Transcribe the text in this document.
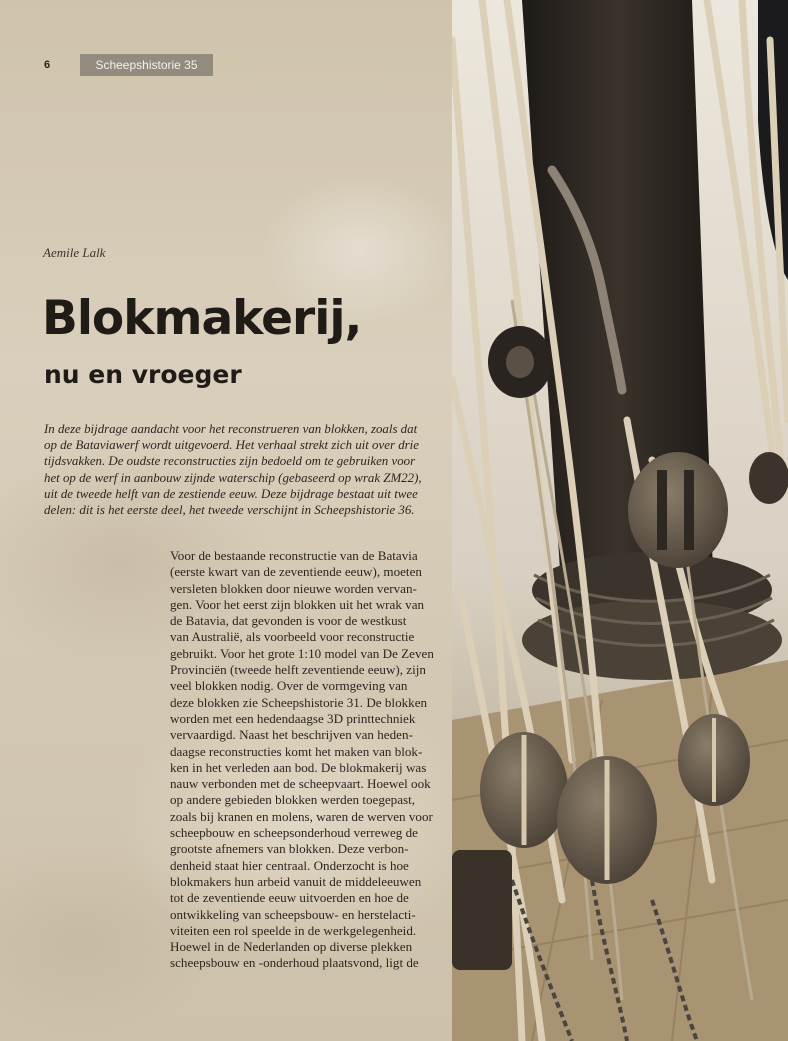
6	Scheepshistorie 35
Aemile Lalk
Blokmakerij,
nu en vroeger

In deze bijdrage aandacht voor het reconstrueren van blokken, zoals dat
op de Bataviawerf wordt uitgevoerd. Het verhaal strekt zich uit over drie
tijdsvakken. De oudste reconstructies zijn bedoeld om te gebruiken voor
het op de werf in aanbouw zijnde waterschip (gebaseerd op wrak ZM22),
uit de tweede helft van de zestiende eeuw. Deze bijdrage bestaat uit twee
delen: dit is het eerste deel, het tweede verschijnt in Scheepshistorie 36.

Voor de bestaande reconstructie van de Batavia
(eerste kwart van de zeventiende eeuw), moeten
versleten blokken door nieuwe worden vervan-
gen. Voor het eerst zijn blokken uit het wrak van
de Batavia, dat gevonden is voor de westkust
van Australië, als voorbeeld voor reconstructie
gebruikt. Voor het grote 1:10 model van De Zeven
Provinciën (tweede helft zeventiende eeuw), zijn
veel blokken nodig. Over de vormgeving van
deze blokken zie Scheepshistorie 31. De blokken
worden met een hedendaagse 3D printtechniek
vervaardigd. Naast het beschrijven van heden-
daagse reconstructies komt het maken van blok-
ken in het verleden aan bod. De blokmakerij was
nauw verbonden met de scheepvaart. Hoewel ook
op andere gebieden blokken werden toegepast,
zoals bij kranen en molens, waren de werven voor
scheepbouw en scheepsonderhoud verreweg de
grootste afnemers van blokken. Deze verbon-
denheid staat hier centraal. Onderzocht is hoe
blokmakers hun arbeid vanuit de middeleeuwen
tot de zeventiende eeuw uitvoerden en hoe de
ontwikkeling van scheepsbouw- en herstelacti-
viteiten een rol speelde in de werkgelegenheid.
Hoewel in de Nederlanden op diverse plekken
scheepsbouw en -onderhoud plaatsvond, ligt de
